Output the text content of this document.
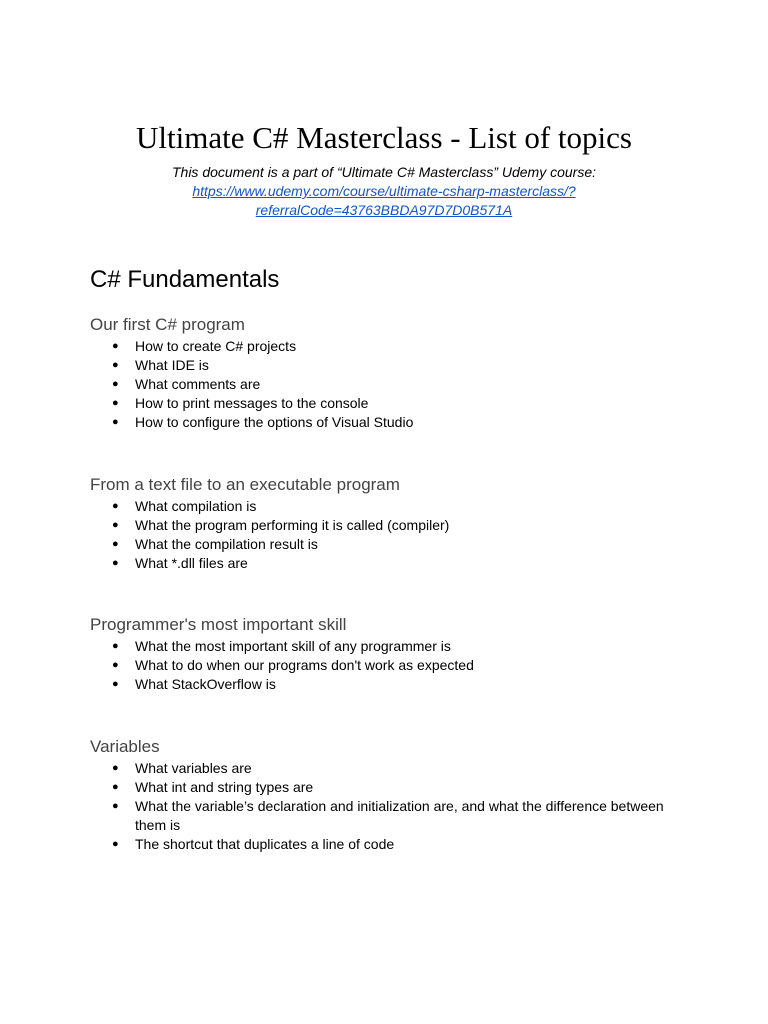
Ultimate C# Masterclass - List of topics
This document is a part of “Ultimate C# Masterclass” Udemy course:
https://www.udemy.com/course/ultimate-csharp-masterclass/?
referralCode=43763BBDA97D7D0B571A
C# Fundamentals
Our first C# program
● How to create C# projects
● What IDE is
● What comments are
● How to print messages to the console
● How to configure the options of Visual Studio
From a text file to an executable program
● What compilation is
● What the program performing it is called (compiler)
● What the compilation result is
● What *.dll files are
Programmer's most important skill
● What the most important skill of any programmer is
● What to do when our programs don't work as expected
● What StackOverflow is
Variables
● What variables are
● What int and string types are
● What the variable’s declaration and initialization are, and what the difference between them is
● The shortcut that duplicates a line of code
